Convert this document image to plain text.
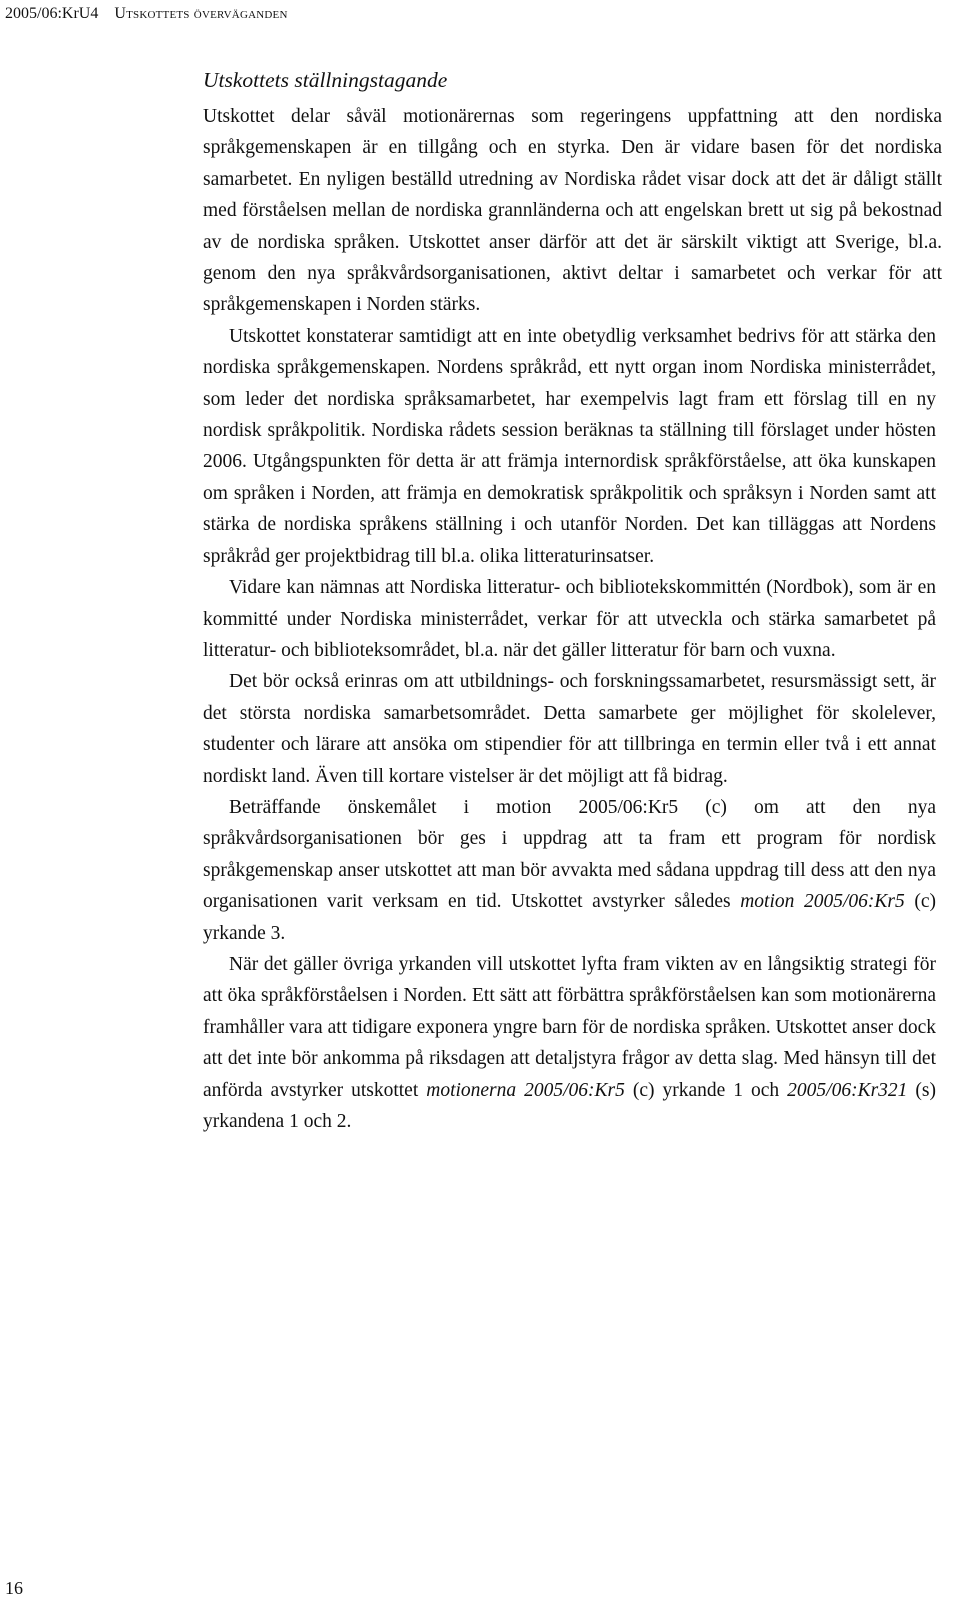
2005/06:KrU4 Utskottets överväganden
Utskottets ställningstagande

Utskottet delar såväl motionärernas som regeringens uppfattning att den nordiska språkgemenskapen är en tillgång och en styrka. Den är vidare basen för det nordiska samarbetet. En nyligen beställd utredning av Nordiska rådet visar dock att det är dåligt ställt med förståelsen mellan de nordiska grannländerna och att engelskan brett ut sig på bekostnad av de nordiska språken. Utskottet anser därför att det är särskilt viktigt att Sverige, bl.a. genom den nya språkvårdsorganisationen, aktivt deltar i samarbetet och verkar för att språkgemenskapen i Norden stärks.

Utskottet konstaterar samtidigt att en inte obetydlig verksamhet bedrivs för att stärka den nordiska språkgemenskapen. Nordens språkråd, ett nytt organ inom Nordiska ministerrådet, som leder det nordiska språksamarbetet, har exempelvis lagt fram ett förslag till en ny nordisk språkpolitik. Nordiska rådets session beräknas ta ställning till förslaget under hösten 2006. Utgångspunkten för detta är att främja internordisk språkförståelse, att öka kunskapen om språken i Norden, att främja en demokratisk språkpolitik och språksyn i Norden samt att stärka de nordiska språkens ställning i och utanför Norden. Det kan tilläggas att Nordens språkråd ger projektbidrag till bl.a. olika litteraturinsatser.

Vidare kan nämnas att Nordiska litteratur- och bibliotekskommittén (Nordbok), som är en kommitté under Nordiska ministerrådet, verkar för att utveckla och stärka samarbetet på litteratur- och biblioteksområdet, bl.a. när det gäller litteratur för barn och vuxna.

Det bör också erinras om att utbildnings- och forskningssamarbetet, resursmässigt sett, är det största nordiska samarbetsområdet. Detta samarbete ger möjlighet för skolelever, studenter och lärare att ansöka om stipendier för att tillbringa en termin eller två i ett annat nordiskt land. Även till kortare vistelser är det möjligt att få bidrag.

Beträffande önskemålet i motion 2005/06:Kr5 (c) om att den nya språkvårdsorganisationen bör ges i uppdrag att ta fram ett program för nordisk språkgemenskap anser utskottet att man bör avvakta med sådana uppdrag till dess att den nya organisationen varit verksam en tid. Utskottet avstyrker således motion 2005/06:Kr5 (c) yrkande 3.

När det gäller övriga yrkanden vill utskottet lyfta fram vikten av en långsiktig strategi för att öka språkförståelsen i Norden. Ett sätt att förbättra språkförståelsen kan som motionärerna framhåller vara att tidigare exponera yngre barn för de nordiska språken. Utskottet anser dock att det inte bör ankomma på riksdagen att detaljstyra frågor av detta slag. Med hänsyn till det anförda avstyrker utskottet motionerna 2005/06:Kr5 (c) yrkande 1 och 2005/06:Kr321 (s) yrkandena 1 och 2.

16
